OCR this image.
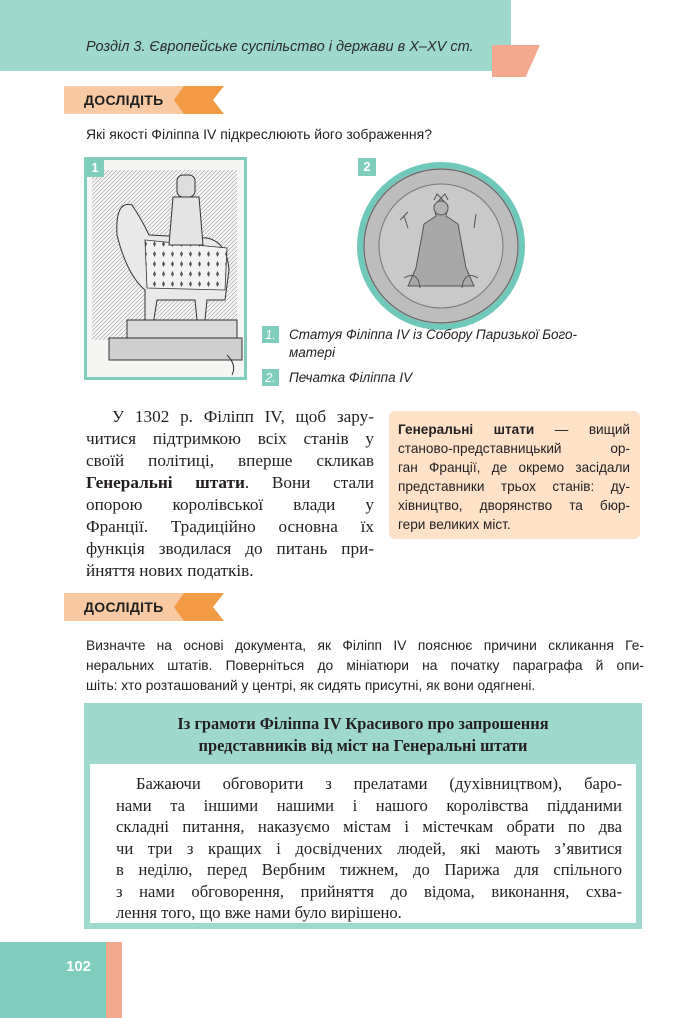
Розділ 3. Європейське суспільство і держави в X–XV ст.
ДОСЛІДІТЬ
Які якості Філіппа IV підкреслюють його зображення?
1	2
1. Статуя Філіппа IV із Собору Паризької Бого-
матері
2. Печатка Філіппа IV
У 1302 р. Філіпп IV, щоб зару-
читися підтримкою всіх станів у
своїй політиці, вперше скликав
Генеральні штати. Вони стали
опорою королівської влади у
Франції. Традиційно основна їх
функція зводилася до питань при-
йняття нових податків.
Генеральні штати — вищий
станово-представницький ор-
ган Франції, де окремо засідали
представники трьох станів: ду-
хівництво, дворянство та бюр-
гери великих міст.
ДОСЛІДІТЬ
Визначте на основі документа, як Філіпп IV пояснює причини скликання Ге-
неральних штатів. Поверніться до мініатюри на початку параграфа й опи-
шіть: хто розташований у центрі, як сидять присутні, як вони одягнені.
Із грамоти Філіппа IV Красивого про запрошення
представників від міст на Генеральні штати
Бажаючи обговорити з прелатами (духівництвом), баро-
нами та іншими нашими і нашого королівства підданими
складні питання, наказуємо містам і містечкам обрати по два
чи три з кращих і досвідчених людей, які мають з’явитися
в неділю, перед Вербним тижнем, до Парижа для спільного
з нами обговорення, прийняття до відома, виконання, схва-
лення того, що вже нами було вирішено.
102
